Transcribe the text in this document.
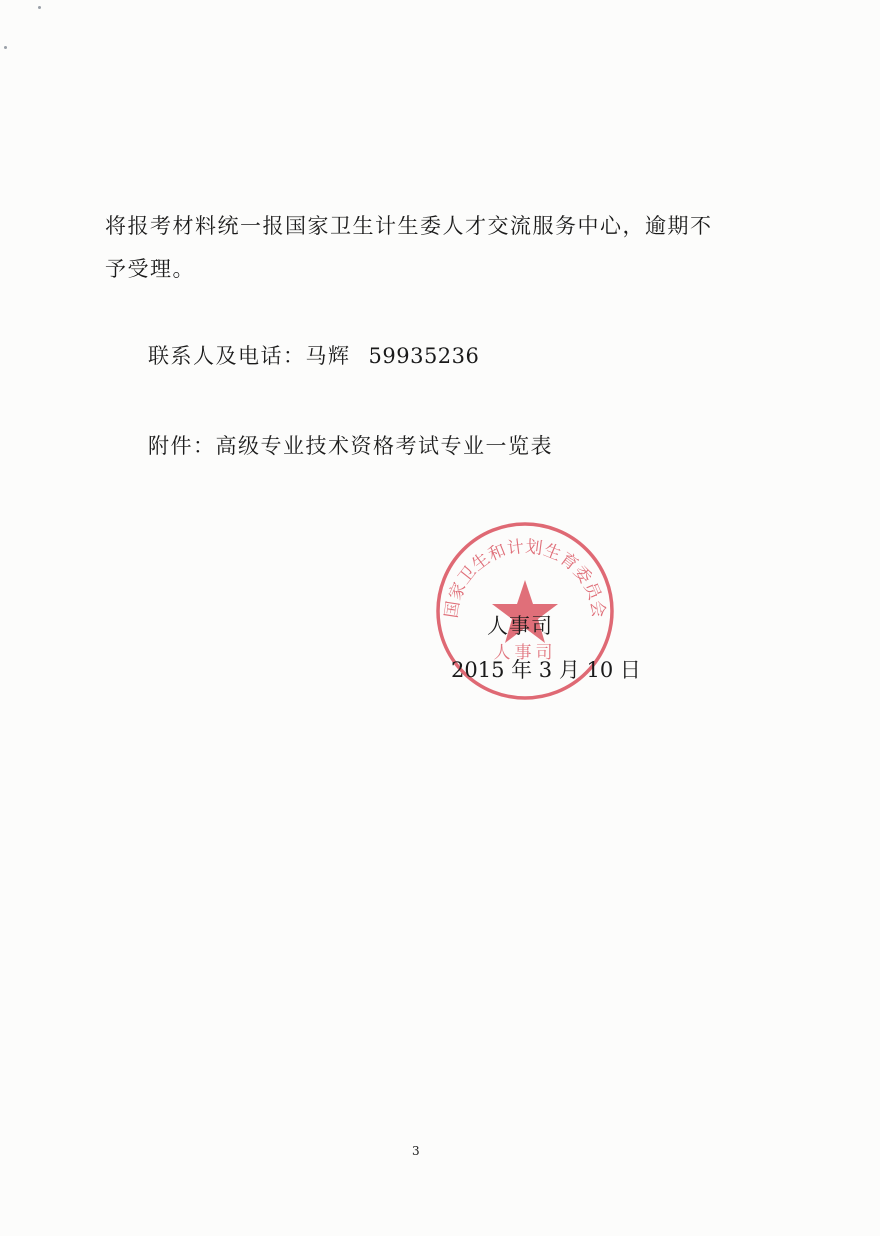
将报考材料统一报国家卫生计生委人才交流服务中心，逾期不
予受理。
联系人及电话：马辉 59935236
附件：高级专业技术资格考试专业一览表
国家卫生和计划生育委员会
人事司
人事司
2015 年 3 月 10 日
3
